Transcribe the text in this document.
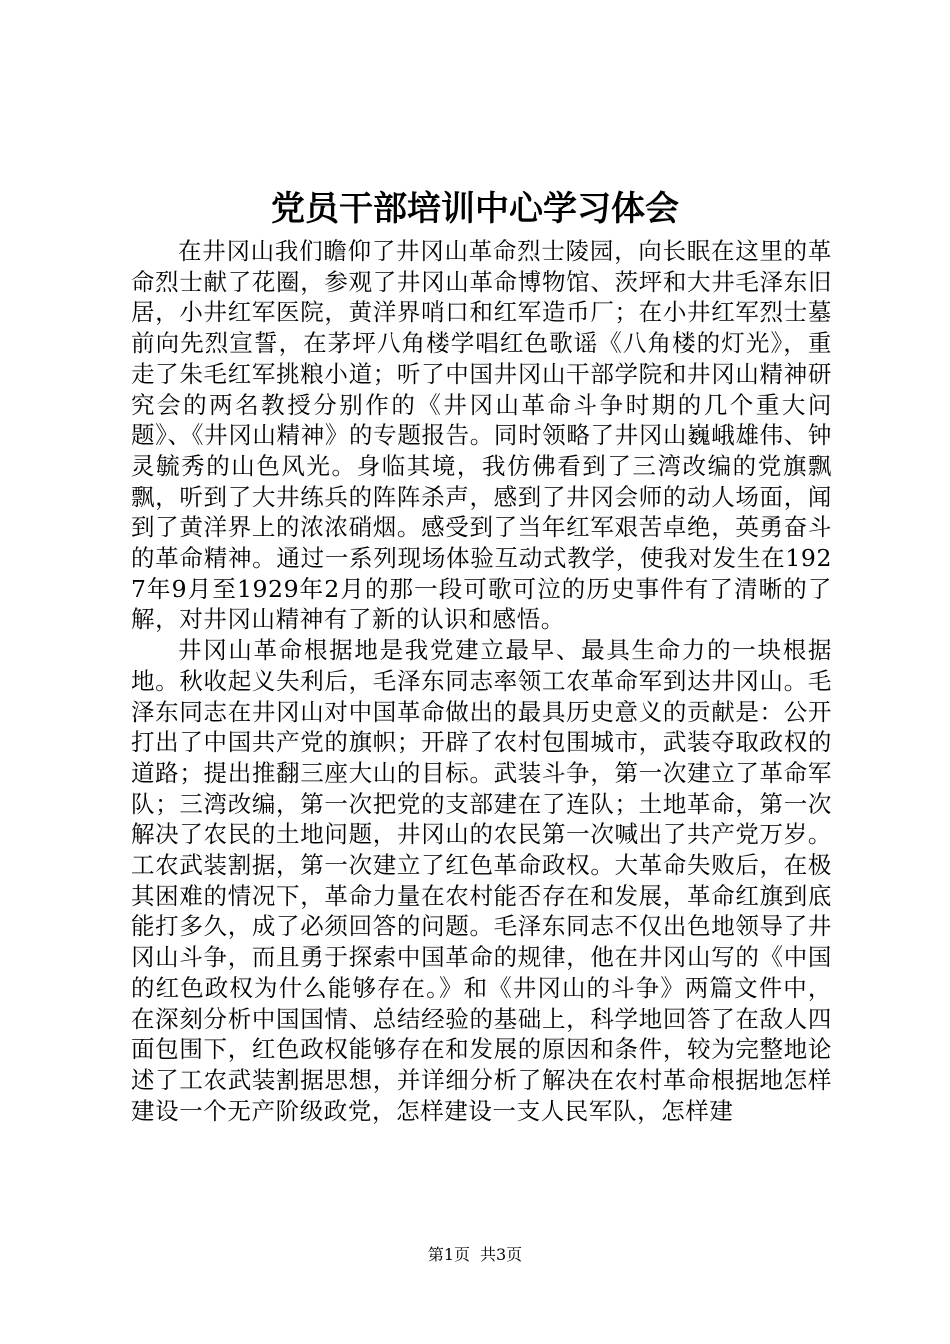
党员干部培训中心学习体会

在井冈山我们瞻仰了井冈山革命烈士陵园，向长眠在这里的革命烈士献了花圈，参观了井冈山革命博物馆、茨坪和大井毛泽东旧居，小井红军医院，黄洋界哨口和红军造币厂；在小井红军烈士墓前向先烈宣誓，在茅坪八角楼学唱红色歌谣《八角楼的灯光》，重走了朱毛红军挑粮小道；听了中国井冈山干部学院和井冈山精神研究会的两名教授分别作的《井冈山革命斗争时期的几个重大问题》、《井冈山精神》的专题报告。同时领略了井冈山巍峨雄伟、钟灵毓秀的山色风光。身临其境，我仿佛看到了三湾改编的党旗飘飘，听到了大井练兵的阵阵杀声，感到了井冈会师的动人场面，闻到了黄洋界上的浓浓硝烟。感受到了当年红军艰苦卓绝，英勇奋斗的革命精神。通过一系列现场体验互动式教学，使我对发生在1927年9月至1929年2月的那一段可歌可泣的历史事件有了清晰的了解，对井冈山精神有了新的认识和感悟。

井冈山革命根据地是我党建立最早、最具生命力的一块根据地。秋收起义失利后，毛泽东同志率领工农革命军到达井冈山。毛泽东同志在井冈山对中国革命做出的最具历史意义的贡献是：公开打出了中国共产党的旗帜；开辟了农村包围城市，武装夺取政权的道路；提出推翻三座大山的目标。武装斗争，第一次建立了革命军队；三湾改编，第一次把党的支部建在了连队；土地革命，第一次解决了农民的土地问题，井冈山的农民第一次喊出了共产党万岁。工农武装割据，第一次建立了红色革命政权。大革命失败后，在极其困难的情况下，革命力量在农村能否存在和发展，革命红旗到底能打多久，成了必须回答的问题。毛泽东同志不仅出色地领导了井冈山斗争，而且勇于探索中国革命的规律，他在井冈山写的《中国的红色政权为什么能够存在。》和《井冈山的斗争》两篇文件中，在深刻分析中国国情、总结经验的基础上，科学地回答了在敌人四面包围下，红色政权能够存在和发展的原因和条件，较为完整地论述了工农武装割据思想，并详细分析了解决在农村革命根据地怎样建设一个无产阶级政党，怎样建设一支人民军队，怎样建

第1页 共3页
